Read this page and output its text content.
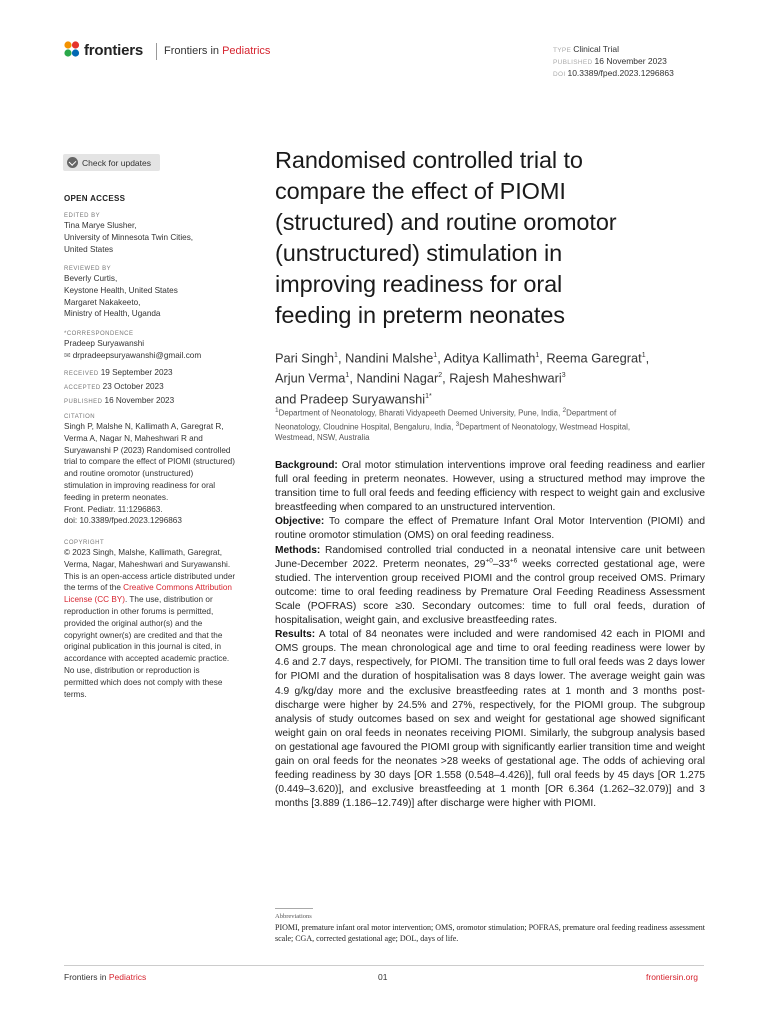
frontiers Frontiers in Pediatrics	TYPE Clinical Trial
PUBLISHED 16 November 2023
DOI 10.3389/fped.2023.1296863
Check for updates
OPEN ACCESS
EDITED BY
Tina Marye Slusher,
University of Minnesota Twin Cities,
United States
REVIEWED BY
Beverly Curtis,
Keystone Health, United States
Margaret Nakakeeto,
Ministry of Health, Uganda
*CORRESPONDENCE
Pradeep Suryawanshi
✉ drpradeepsuryawanshi@gmail.com
RECEIVED 19 September 2023
ACCEPTED 23 October 2023
PUBLISHED 16 November 2023
CITATION
Singh P, Malshe N, Kallimath A, Garegrat R,
Verma A, Nagar N, Maheshwari R and
Suryawanshi P (2023) Randomised controlled
trial to compare the effect of PIOMI (structured)
and routine oromotor (unstructured)
stimulation in improving readiness for oral
feeding in preterm neonates.
Front. Pediatr. 11:1296863.
doi: 10.3389/fped.2023.1296863
COPYRIGHT
© 2023 Singh, Malshe, Kallimath, Garegrat,
Verma, Nagar, Maheshwari and Suryawanshi.
This is an open-access article distributed under
the terms of the Creative Commons Attribution
License (CC BY). The use, distribution or
reproduction in other forums is permitted,
provided the original author(s) and the
copyright owner(s) are credited and that the
original publication in this journal is cited, in
accordance with accepted academic practice.
No use, distribution or reproduction is
permitted which does not comply with these
terms.
Randomised controlled trial to
compare the effect of PIOMI
(structured) and routine oromotor
(unstructured) stimulation in
improving readiness for oral
feeding in preterm neonates
Pari Singh$^1$, Nandini Malshe$^1$, Aditya Kallimath$^1$, Reema Garegrat$^1$,
Arjun Verma$^1$, Nandini Nagar$^2$, Rajesh Maheshwari$^3$
and Pradeep Suryawanshi$^{1*}$
$^1$Department of Neonatology, Bharati Vidyapeeth Deemed University, Pune, India, $^2$Department of
Neonatology, Cloudnine Hospital, Bengaluru, India, $^3$Department of Neonatology, Westmead Hospital,
Westmead, NSW, Australia

Background: Oral motor stimulation interventions improve oral feeding readiness and earlier full oral feeding in preterm neonates. However, using a structured method may improve the transition time to full oral feeds and feeding efficiency with respect to weight gain and exclusive breastfeeding when compared to an unstructured intervention.

Objective: To compare the effect of Premature Infant Oral Motor Intervention (PIOMI) and routine oromotor stimulation (OMS) on oral feeding readiness.

Methods: Randomised controlled trial conducted in a neonatal intensive care unit between June-December 2022. Preterm neonates, $29^{+0}-33^{+6}$ weeks corrected gestational age, were studied. The intervention group received PIOMI and the control group received OMS. Primary outcome: time to oral feeding readiness by Premature Oral Feeding Readiness Assessment Scale (POFRAS) score ≥30. Secondary outcomes: time to full oral feeds, duration of hospitalisation, weight gain, and exclusive breastfeeding rates.

Results: A total of 84 neonates were included and were randomised 42 each in PIOMI and OMS groups. The mean chronological age and time to oral feeding readiness were lower by 4.6 and 2.7 days, respectively, for PIOMI. The transition time to full oral feeds was 2 days lower for PIOMI and the duration of hospitalisation was 8 days lower. The average weight gain was 4.9 g/kg/day more and the exclusive breastfeeding rates at 1 month and 3 months post-discharge were higher by 24.5% and 27%, respectively, for the PIOMI group. The subgroup analysis of study outcomes based on sex and weight for gestational age showed significant weight gain on oral feeds in neonates receiving PIOMI. Similarly, the subgroup analysis based on gestational age favoured the PIOMI group with significantly earlier transition time and weight gain on oral feeds for the neonates >28 weeks of gestational age. The odds of achieving oral feeding readiness by 30 days [OR 1.558 (0.548–4.426)], full oral feeds by 45 days [OR 1.275 (0.449–3.620)], and exclusive breastfeeding at 1 month [OR 6.364 (1.262–32.079)] and 3 months [3.889 (1.186–12.749)] after discharge were higher with PIOMI.

Abbreviations
PIOMI, premature infant oral motor intervention; OMS, oromotor stimulation; POFRAS, premature oral feeding readiness assessment scale; CGA, corrected gestational age; DOL, days of life.
Frontiers in Pediatrics	01	frontiersin.org
